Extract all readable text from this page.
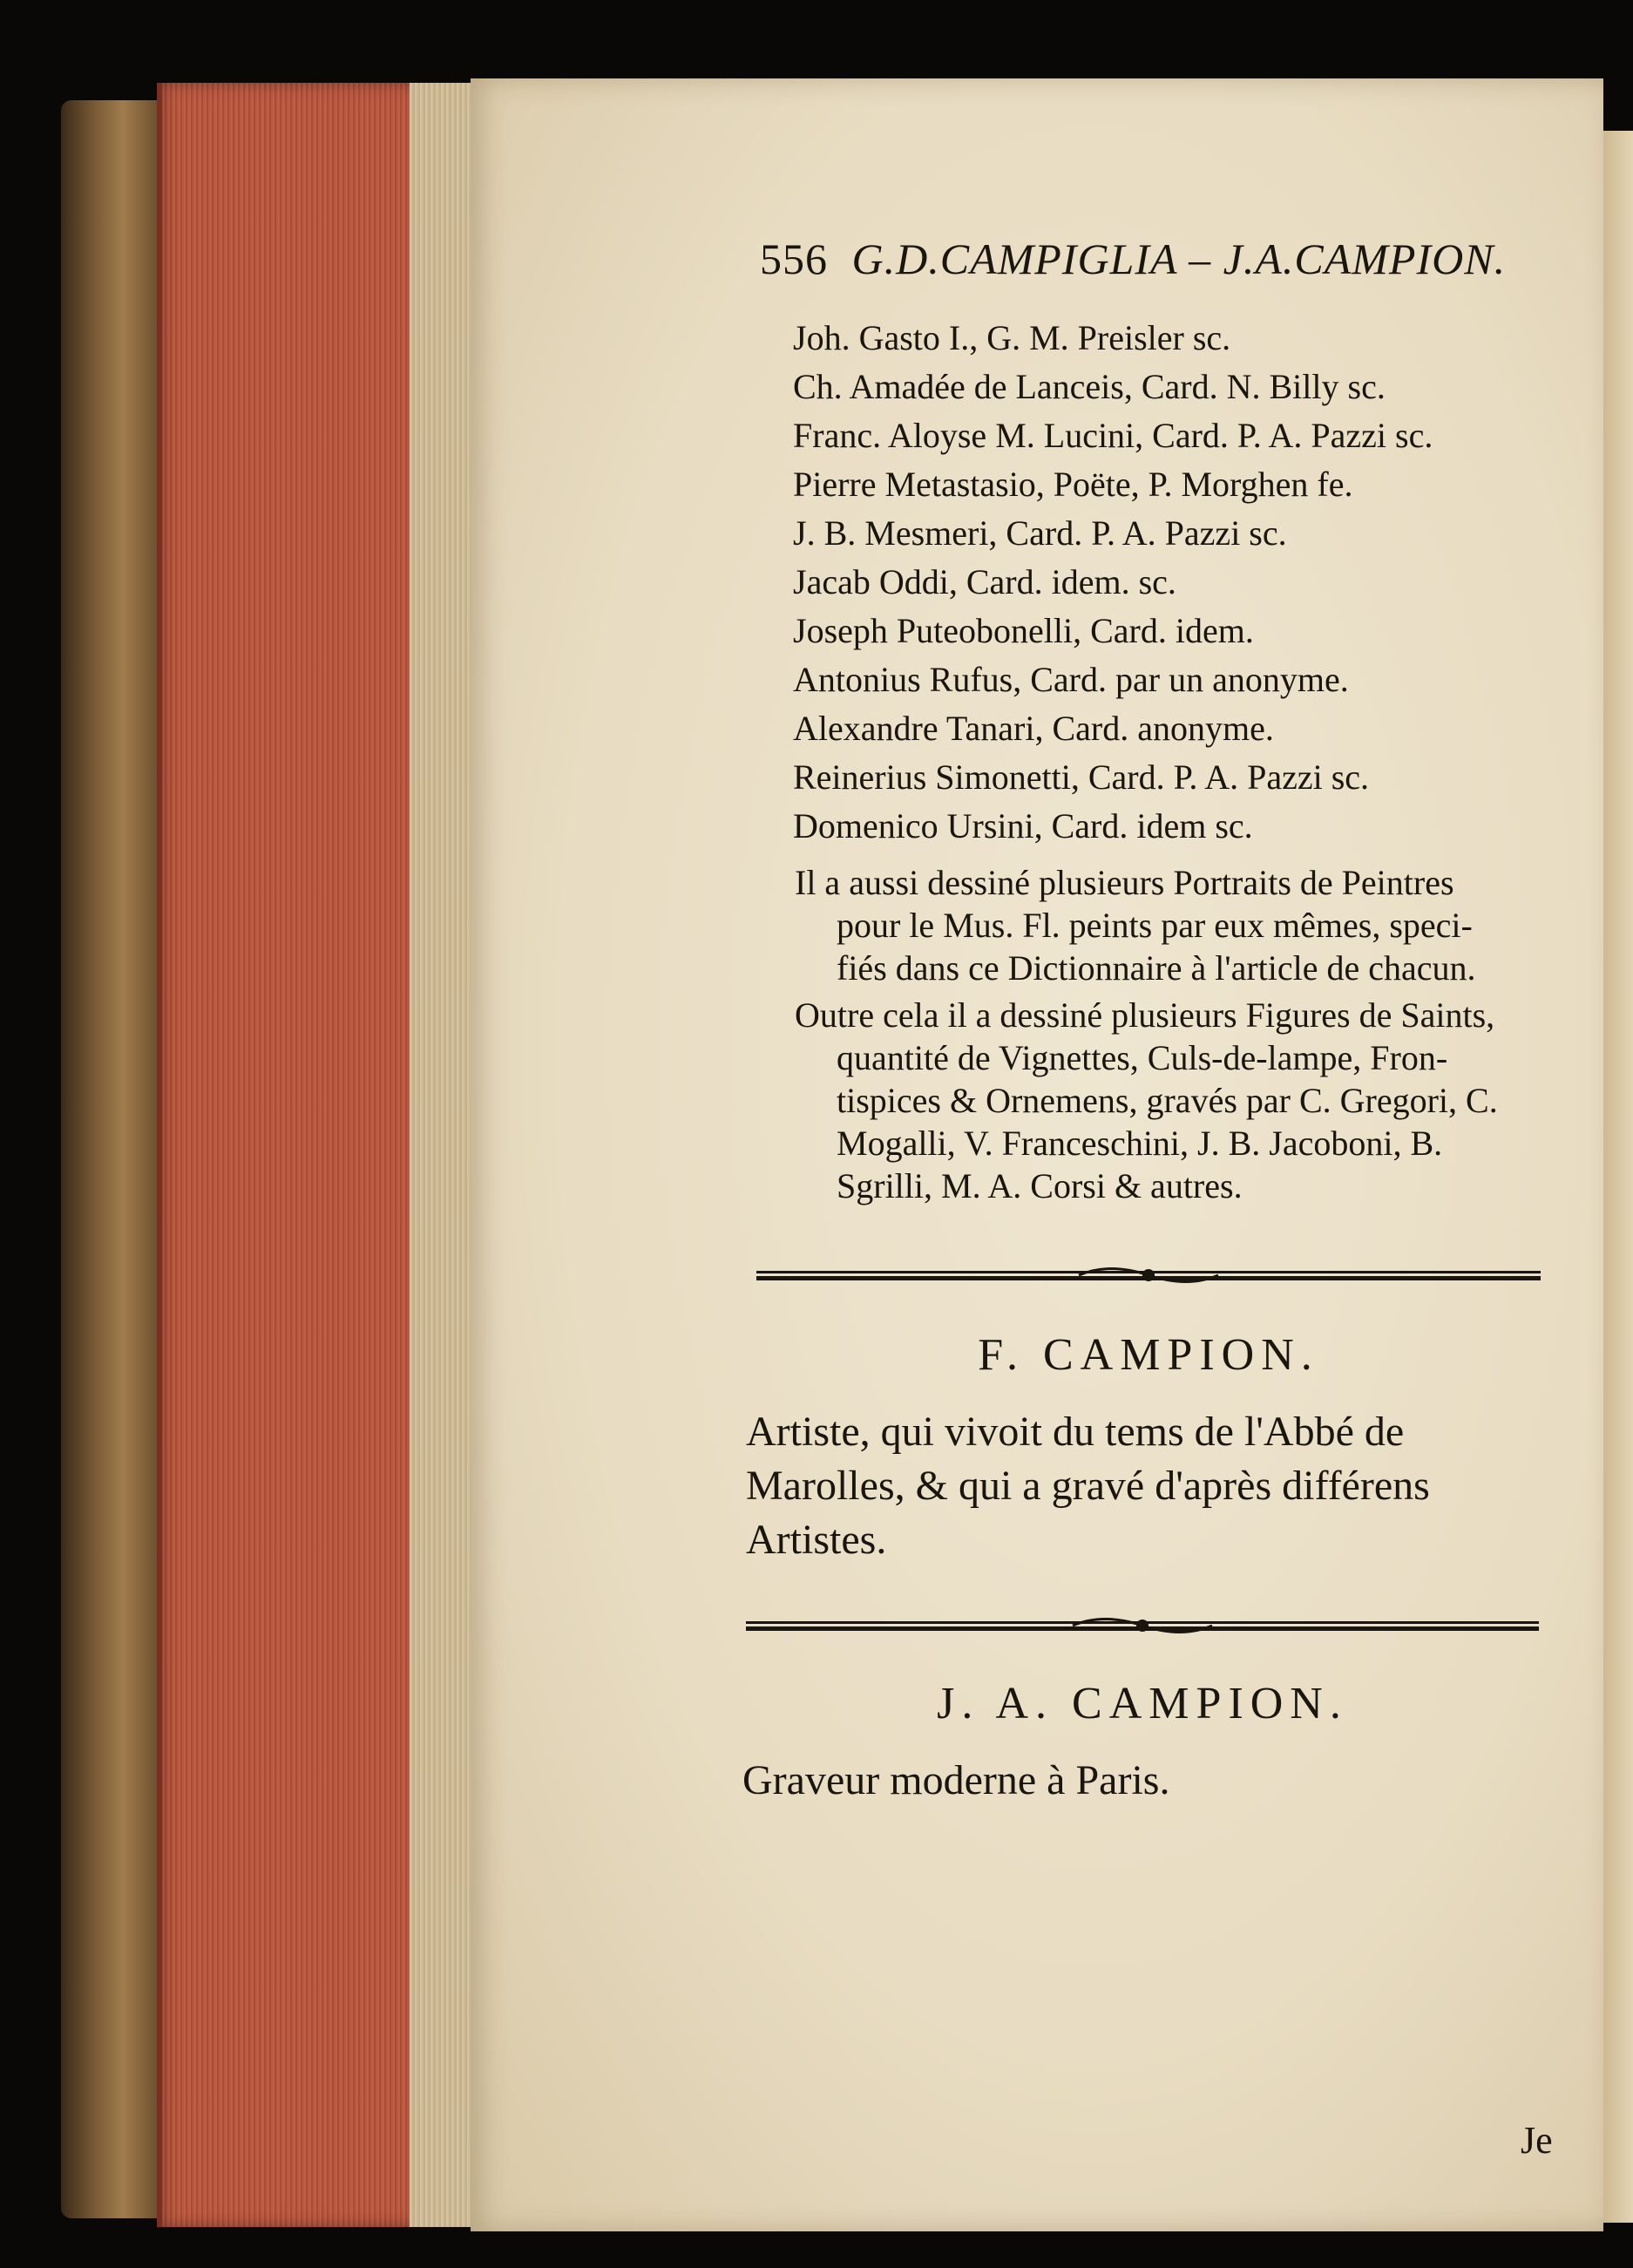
556 G.D.CAMPIGLIA – J.A.CAMPION.
Joh. Gasto I., G. M. Preisler sc.
Ch. Amadée de Lanceis, Card. N. Billy sc.
Franc. Aloyse M. Lucini, Card. P. A. Pazzi sc.
Pierre Metastasio, Poëte, P. Morghen fe.
J. B. Mesmeri, Card. P. A. Pazzi sc.
Jacab Oddi, Card. idem. sc.
Joseph Puteobonelli, Card. idem.
Antonius Rufus, Card. par un anonyme.
Alexandre Tanari, Card. anonyme.
Reinerius Simonetti, Card. P. A. Pazzi sc.
Domenico Ursini, Card. idem sc.
Il a aussi dessiné plusieurs Portraits de Peintres
pour le Mus. Fl. peints par eux mêmes, speci-
fiés dans ce Dictionnaire à l'article de chacun.
Outre cela il a dessiné plusieurs Figures de Saints,
quantité de Vignettes, Culs-de-lampe, Fron-
tispices & Ornemens, gravés par C. Gregori, C.
Mogalli, V. Franceschini, J. B. Jacoboni, B.
Sgrilli, M. A. Corsi & autres.
F. CAMPION.
Artiste, qui vivoit du tems de l'Abbé de
Marolles, & qui a gravé d'après différens
Artistes.
J. A. CAMPION.
Graveur moderne à Paris.
Je
